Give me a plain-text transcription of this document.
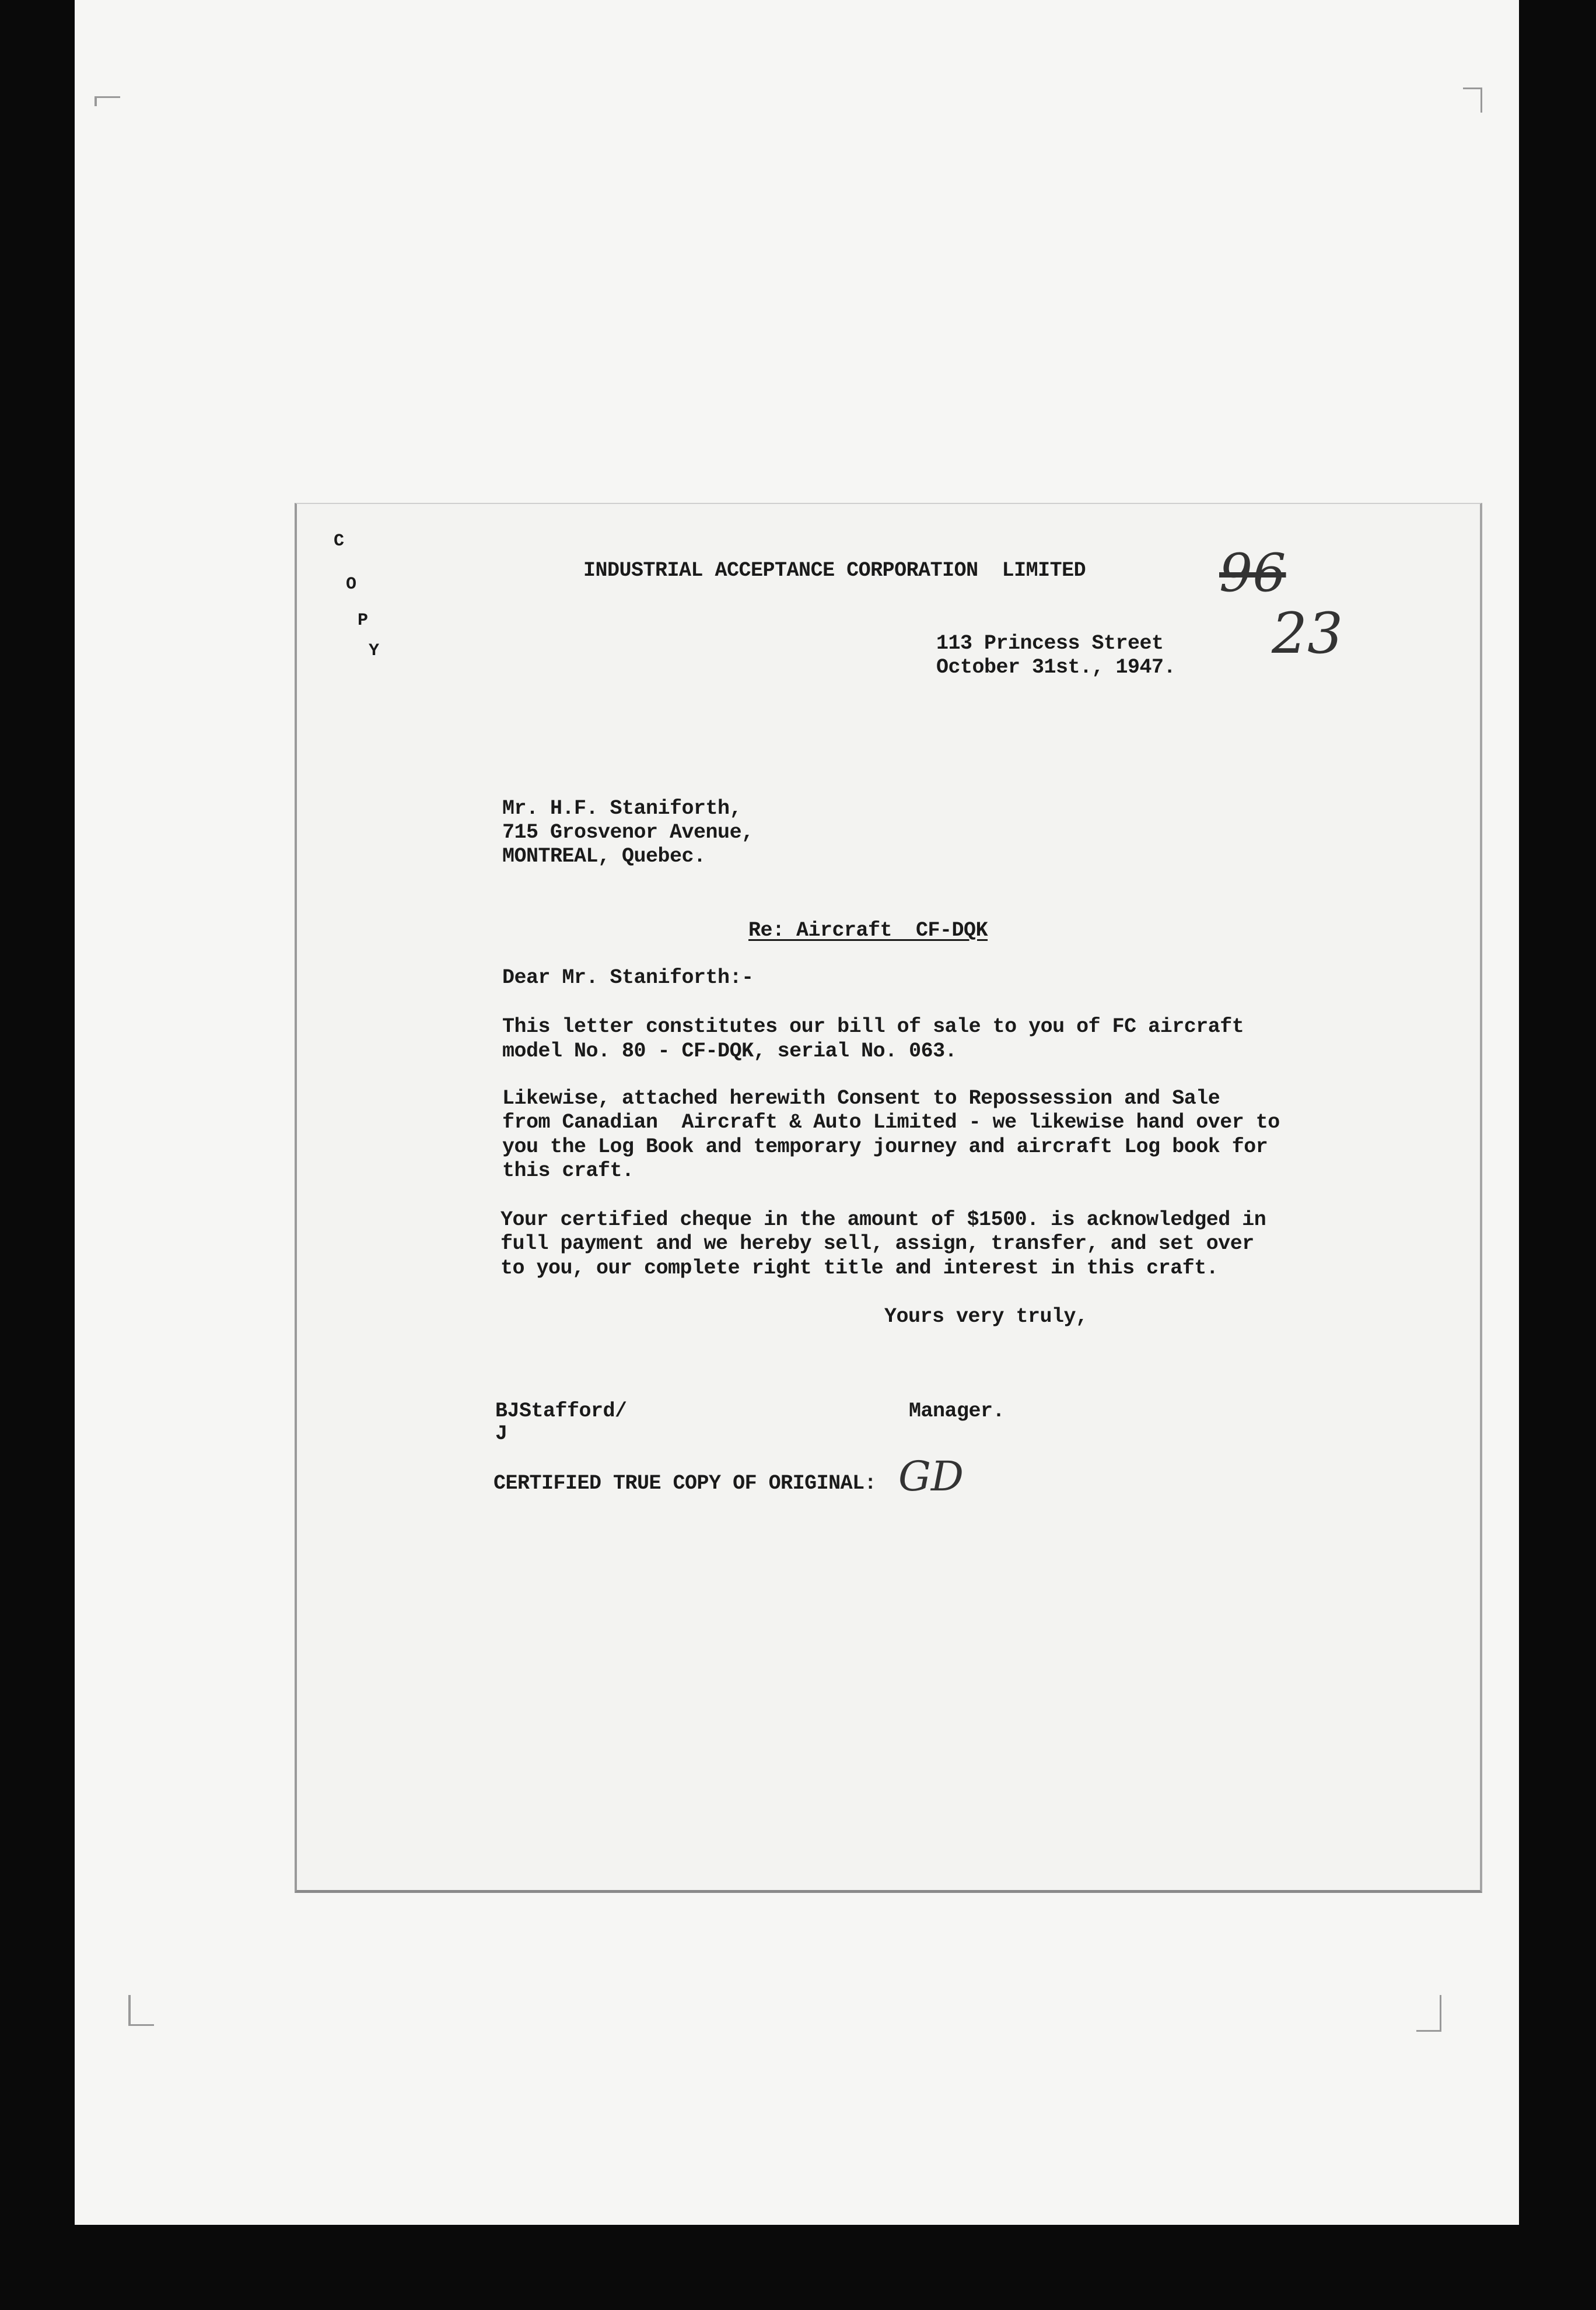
C
O
P
Y
INDUSTRIAL ACCEPTANCE CORPORATION  LIMITED	96
23
113 Princess Street
October 31st., 1947.
Mr. H.F. Staniforth,
715 Grosvenor Avenue,
MONTREAL, Quebec.
Re: Aircraft  CF-DQK
Dear Mr. Staniforth:-
This letter constitutes our bill of sale to you of FC aircraft
model No. 80 - CF-DQK, serial No. 063.
Likewise, attached herewith Consent to Repossession and Sale
from Canadian  Aircraft & Auto Limited - we likewise hand over to
you the Log Book and temporary journey and aircraft Log book for
this craft.
Your certified cheque in the amount of $1500. is acknowledged in
full payment and we hereby sell, assign, transfer, and set over
to you, our complete right title and interest in this craft.
Yours very truly,
BJStafford/	Manager.
J
CERTIFIED TRUE COPY OF ORIGINAL: GD
